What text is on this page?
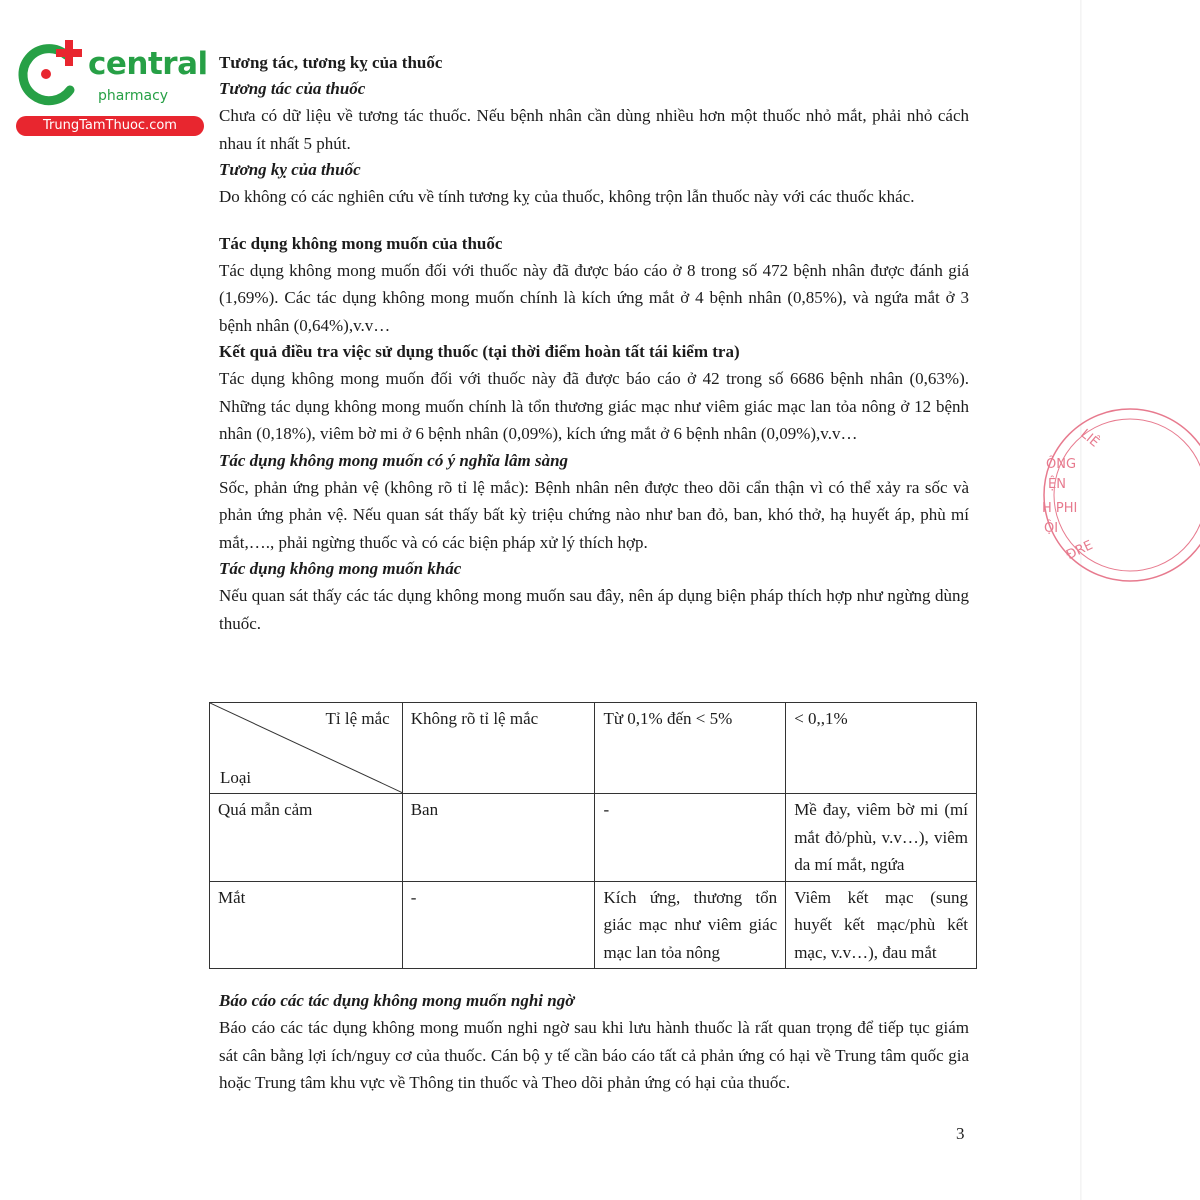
central
pharmacy
TrungTamThuoc.com
LIÊ
ÔNG
ỆN
H PHI
ỘI
ĐRE
Tương tác, tương kỵ của thuốc
Tương tác của thuốc
Chưa có dữ liệu về tương tác thuốc. Nếu bệnh nhân cần dùng nhiều hơn một thuốc nhỏ mắt, phải nhỏ cách nhau ít nhất 5 phút.
Tương kỵ của thuốc
Do không có các nghiên cứu về tính tương kỵ của thuốc, không trộn lẫn thuốc này với các thuốc khác.
Tác dụng không mong muốn của thuốc
Tác dụng không mong muốn đối với thuốc này đã được báo cáo ở 8 trong số 472 bệnh nhân được đánh giá (1,69%). Các tác dụng không mong muốn chính là kích ứng mắt ở 4 bệnh nhân (0,85%), và ngứa mắt ở 3 bệnh nhân (0,64%),v.v…
Kết quả điều tra việc sử dụng thuốc (tại thời điểm hoàn tất tái kiểm tra)
Tác dụng không mong muốn đối với thuốc này đã được báo cáo ở 42 trong số 6686 bệnh nhân (0,63%). Những tác dụng không mong muốn chính là tổn thương giác mạc như viêm giác mạc lan tỏa nông ở 12 bệnh nhân (0,18%), viêm bờ mi ở 6 bệnh nhân (0,09%), kích ứng mắt ở 6 bệnh nhân (0,09%),v.v…
Tác dụng không mong muốn có ý nghĩa lâm sàng
Sốc, phản ứng phản vệ (không rõ tỉ lệ mắc): Bệnh nhân nên được theo dõi cẩn thận vì có thể xảy ra sốc và phản ứng phản vệ. Nếu quan sát thấy bất kỳ triệu chứng nào như ban đỏ, ban, khó thở, hạ huyết áp, phù mí mắt,…., phải ngừng thuốc và có các biện pháp xử lý thích hợp.
Tác dụng không mong muốn khác
Nếu quan sát thấy các tác dụng không mong muốn sau đây, nên áp dụng biện pháp thích hợp như ngừng dùng thuốc.
Tỉ lệ mắc
Loại	Không rõ tỉ lệ mắc	Từ 0,1% đến < 5%	< 0,,1%
Quá mẫn cảm	Ban	-	Mề đay, viêm bờ mi (mí mắt đỏ/phù, v.v…), viêm da mí mắt, ngứa
Mắt	-	Kích ứng, thương tổn giác mạc như viêm giác mạc lan tỏa nông	Viêm kết mạc (sung huyết kết mạc/phù kết mạc, v.v…), đau mắt
Báo cáo các tác dụng không mong muốn nghi ngờ
Báo cáo các tác dụng không mong muốn nghi ngờ sau khi lưu hành thuốc là rất quan trọng để tiếp tục giám sát cân bằng lợi ích/nguy cơ của thuốc. Cán bộ y tế cần báo cáo tất cả phản ứng có hại về Trung tâm quốc gia hoặc Trung tâm khu vực về Thông tin thuốc và Theo dõi phản ứng có hại của thuốc.
3
